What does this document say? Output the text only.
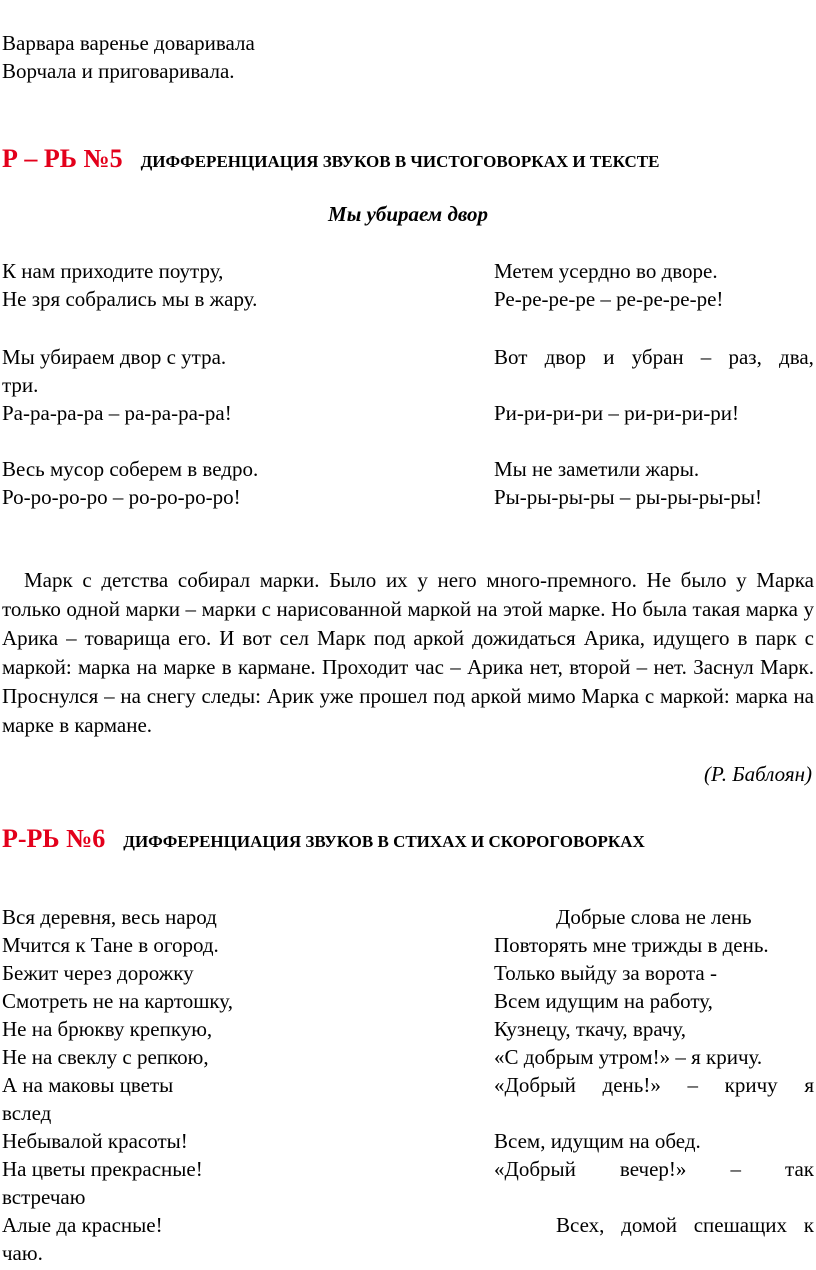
Варвара варенье доваривала
Ворчала и приговаривала.
Р – РЬ №5 ДИФФЕРЕНЦИАЦИЯ ЗВУКОВ В ЧИСТОГОВОРКАХ И ТЕКСТЕ
Мы убираем двор
К нам приходите поутру,
Не зря собрались мы в жару.
Мы убираем двор с утра.
три.
Ра-ра-ра-ра – ра-ра-ра-ра!
Весь мусор соберем в ведро.
Ро-ро-ро-ро – ро-ро-ро-ро!
Метем усердно во дворе.
Ре-ре-ре-ре – ре-ре-ре-ре!
Вот двор и убран – раз, два,
Ри-ри-ри-ри – ри-ри-ри-ри!
Мы не заметили жары.
Ры-ры-ры-ры – ры-ры-ры-ры!

Марк с детства собирал марки. Было их у него много-премного. Не было у Марка только одной марки – марки с нарисованной маркой на этой марке. Но была такая марка у Арика – товарища его. И вот сел Марк под аркой дожидаться Арика, идущего в парк с маркой: марка на марке в кармане. Проходит час – Арика нет, второй – нет. Заснул Марк. Проснулся – на снегу следы: Арик уже прошел под аркой мимо Марка с маркой: марка на марке в кармане.

(Р. Баблоян)
Р-РЬ №6 ДИФФЕРЕНЦИАЦИЯ ЗВУКОВ В СТИХАХ И СКОРОГОВОРКАХ
Вся деревня, весь народ
Мчится к Тане в огород.
Бежит через дорожку
Смотреть не на картошку,
Не на брюкву крепкую,
Не на свеклу с репкою,
А на маковы цветы
вслед
Небывалой красоты!
На цветы прекрасные!
встречаю
Алые да красные!
чаю.
Добрые слова не лень
Повторять мне трижды в день.
Только выйду за ворота -
Всем идущим на работу,
Кузнецу, ткачу, врачу,
«С добрым утром!» – я кричу.
«Добрый день!» – кричу я
Всем, идущим на обед.
«Добрый вечер!» – так
Всех, домой спешащих к
